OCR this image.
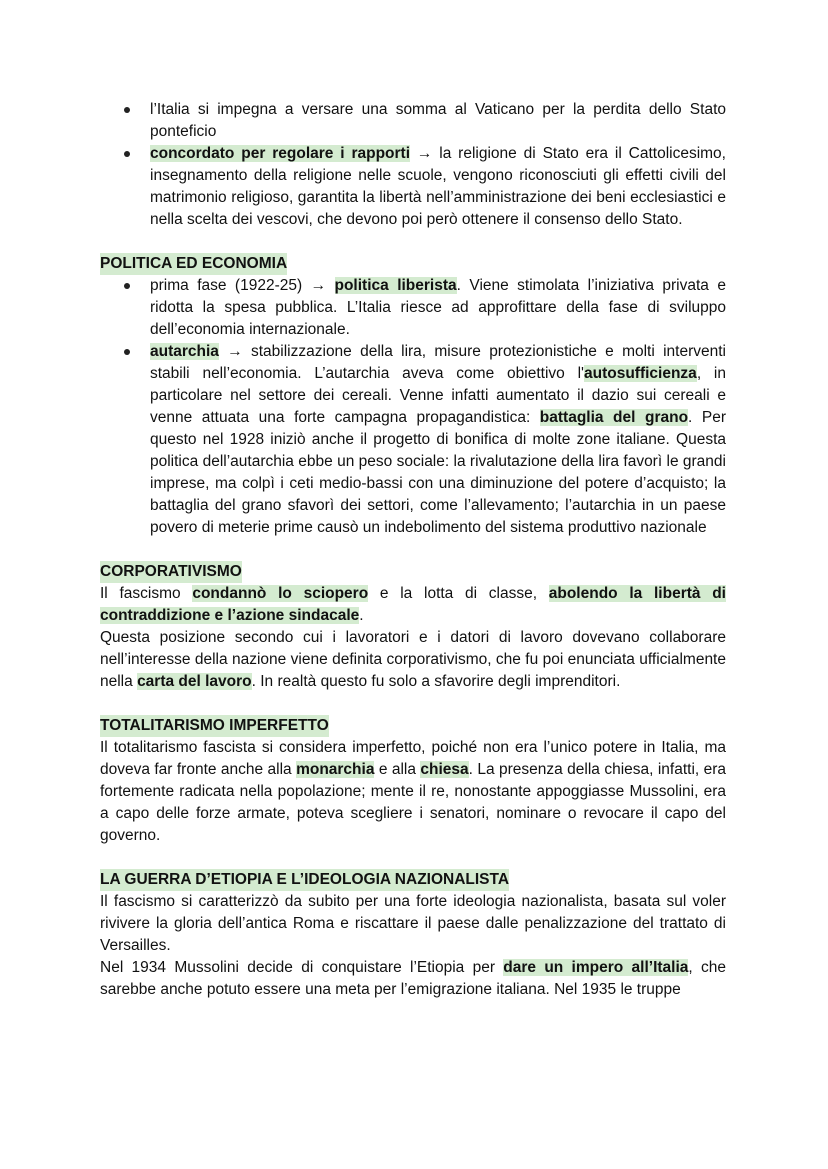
l’Italia si impegna a versare una somma al Vaticano per la perdita dello Stato ponteficio

concordato per regolare i rapporti → la religione di Stato era il Cattolicesimo, insegnamento della religione nelle scuole, vengono riconosciuti gli effetti civili del matrimonio religioso, garantita la libertà nell’amministrazione dei beni ecclesiastici e nella scelta dei vescovi, che devono poi però ottenere il consenso dello Stato.

POLITICA ED ECONOMIA

prima fase (1922-25) → politica liberista. Viene stimolata l’iniziativa privata e ridotta la spesa pubblica. L’Italia riesce ad approfittare della fase di sviluppo dell’economia internazionale.

autarchia → stabilizzazione della lira, misure protezionistiche e molti interventi stabili nell’economia. L’autarchia aveva come obiettivo l'autosufficienza, in particolare nel settore dei cereali. Venne infatti aumentato il dazio sui cereali e venne attuata una forte campagna propagandistica: battaglia del grano. Per questo nel 1928 iniziò anche il progetto di bonifica di molte zone italiane. Questa politica dell’autarchia ebbe un peso sociale: la rivalutazione della lira favorì le grandi imprese, ma colpì i ceti medio-bassi con una diminuzione del potere d’acquisto; la battaglia del grano sfavorì dei settori, come l’allevamento; l’autarchia in un paese povero di meterie prime causò un indebolimento del sistema produttivo nazionale

CORPORATIVISMO

Il fascismo condannò lo sciopero e la lotta di classe, abolendo la libertà di contraddizione e l’azione sindacale.

Questa posizione secondo cui i lavoratori e i datori di lavoro dovevano collaborare nell’interesse della nazione viene definita corporativismo, che fu poi enunciata ufficialmente nella carta del lavoro. In realtà questo fu solo a sfavorire degli imprenditori.

TOTALITARISMO IMPERFETTO

Il totalitarismo fascista si considera imperfetto, poiché non era l’unico potere in Italia, ma doveva far fronte anche alla monarchia e alla chiesa. La presenza della chiesa, infatti, era fortemente radicata nella popolazione; mente il re, nonostante appoggiasse Mussolini, era a capo delle forze armate, poteva scegliere i senatori, nominare o revocare il capo del governo.

LA GUERRA D’ETIOPIA E L’IDEOLOGIA NAZIONALISTA

Il fascismo si caratterizzò da subito per una forte ideologia nazionalista, basata sul voler rivivere la gloria dell’antica Roma e riscattare il paese dalle penalizzazione del trattato di Versailles.

Nel 1934 Mussolini decide di conquistare l’Etiopia per dare un impero all’Italia, che sarebbe anche potuto essere una meta per l’emigrazione italiana. Nel 1935 le truppe
